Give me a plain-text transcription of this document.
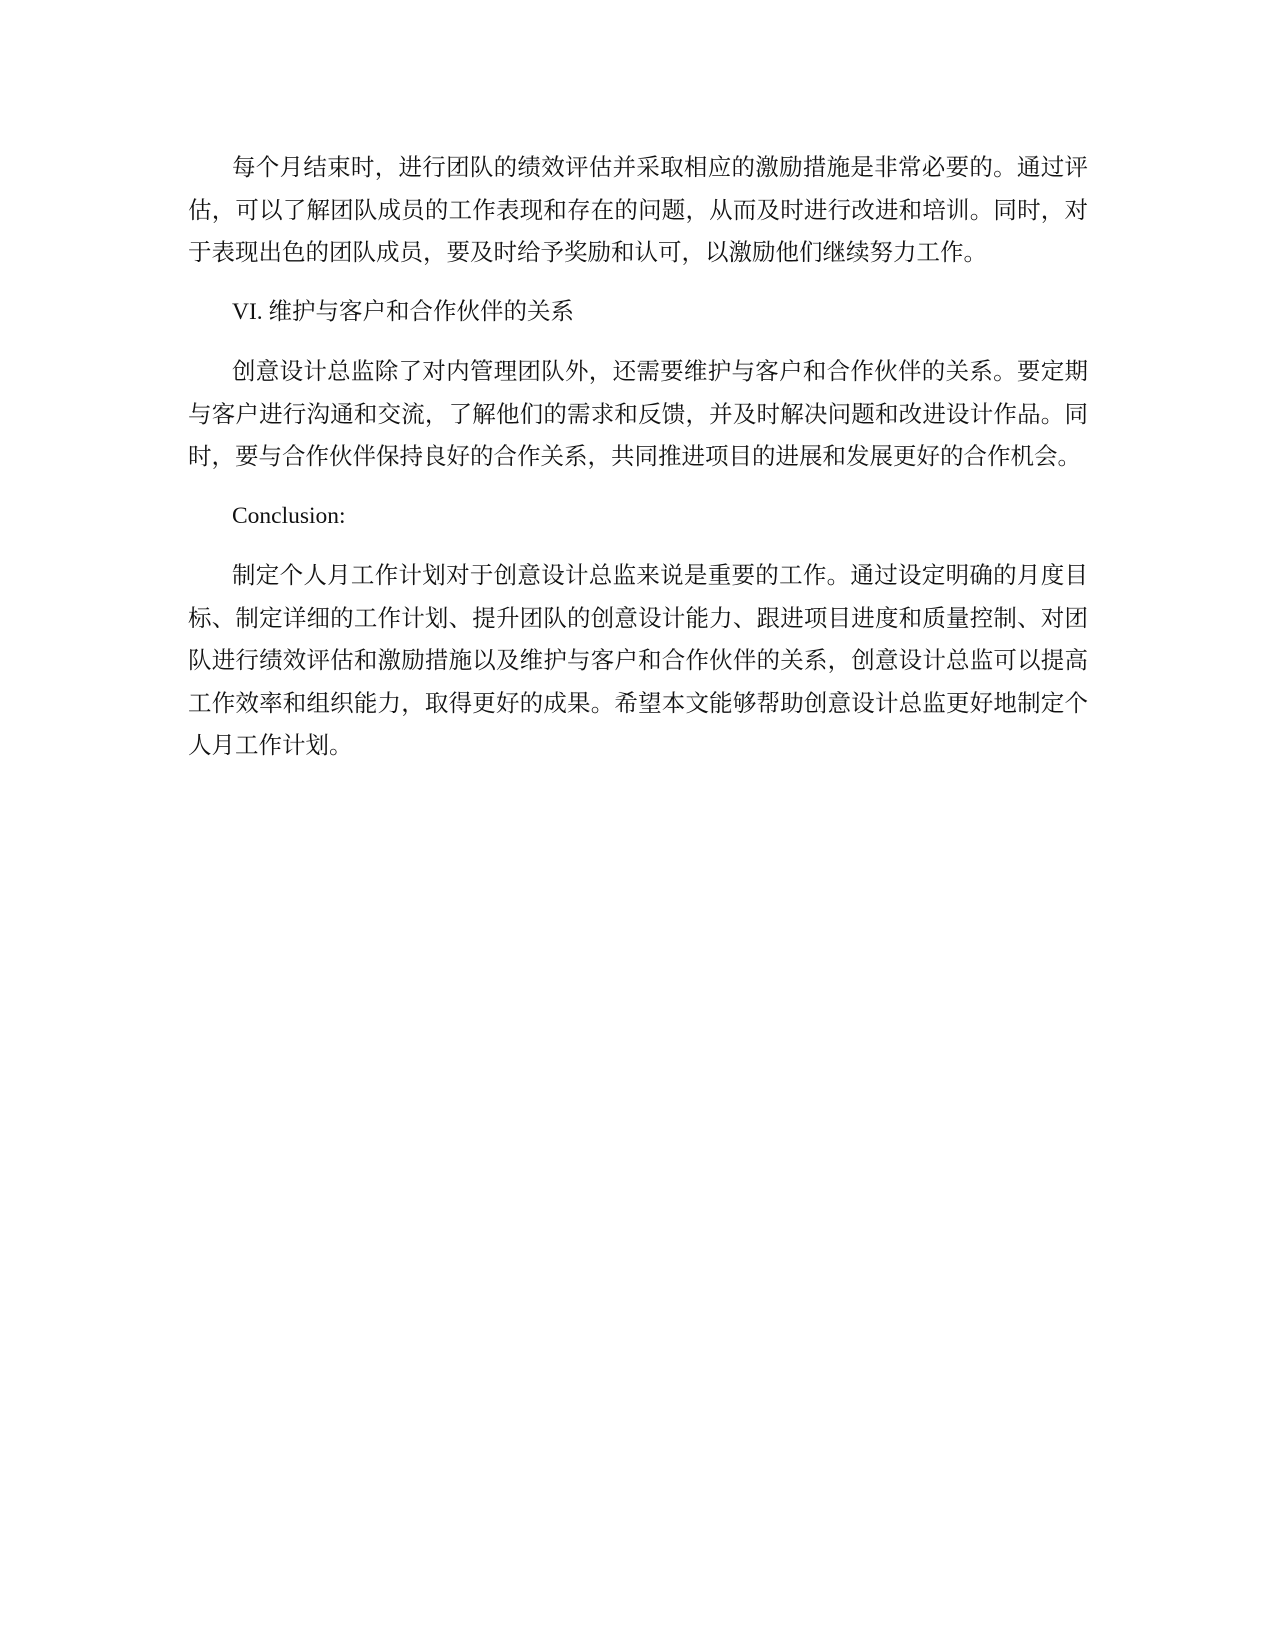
每个月结束时，进行团队的绩效评估并采取相应的激励措施是非常必要的。通过评估，可以了解团队成员的工作表现和存在的问题，从而及时进行改进和培训。同时，对于表现出色的团队成员，要及时给予奖励和认可，以激励他们继续努力工作。

VI. 维护与客户和合作伙伴的关系

创意设计总监除了对内管理团队外，还需要维护与客户和合作伙伴的关系。要定期与客户进行沟通和交流，了解他们的需求和反馈，并及时解决问题和改进设计作品。同时，要与合作伙伴保持良好的合作关系，共同推进项目的进展和发展更好的合作机会。

Conclusion:

制定个人月工作计划对于创意设计总监来说是重要的工作。通过设定明确的月度目标、制定详细的工作计划、提升团队的创意设计能力、跟进项目进度和质量控制、对团队进行绩效评估和激励措施以及维护与客户和合作伙伴的关系，创意设计总监可以提高工作效率和组织能力，取得更好的成果。希望本文能够帮助创意设计总监更好地制定个人月工作计划。
